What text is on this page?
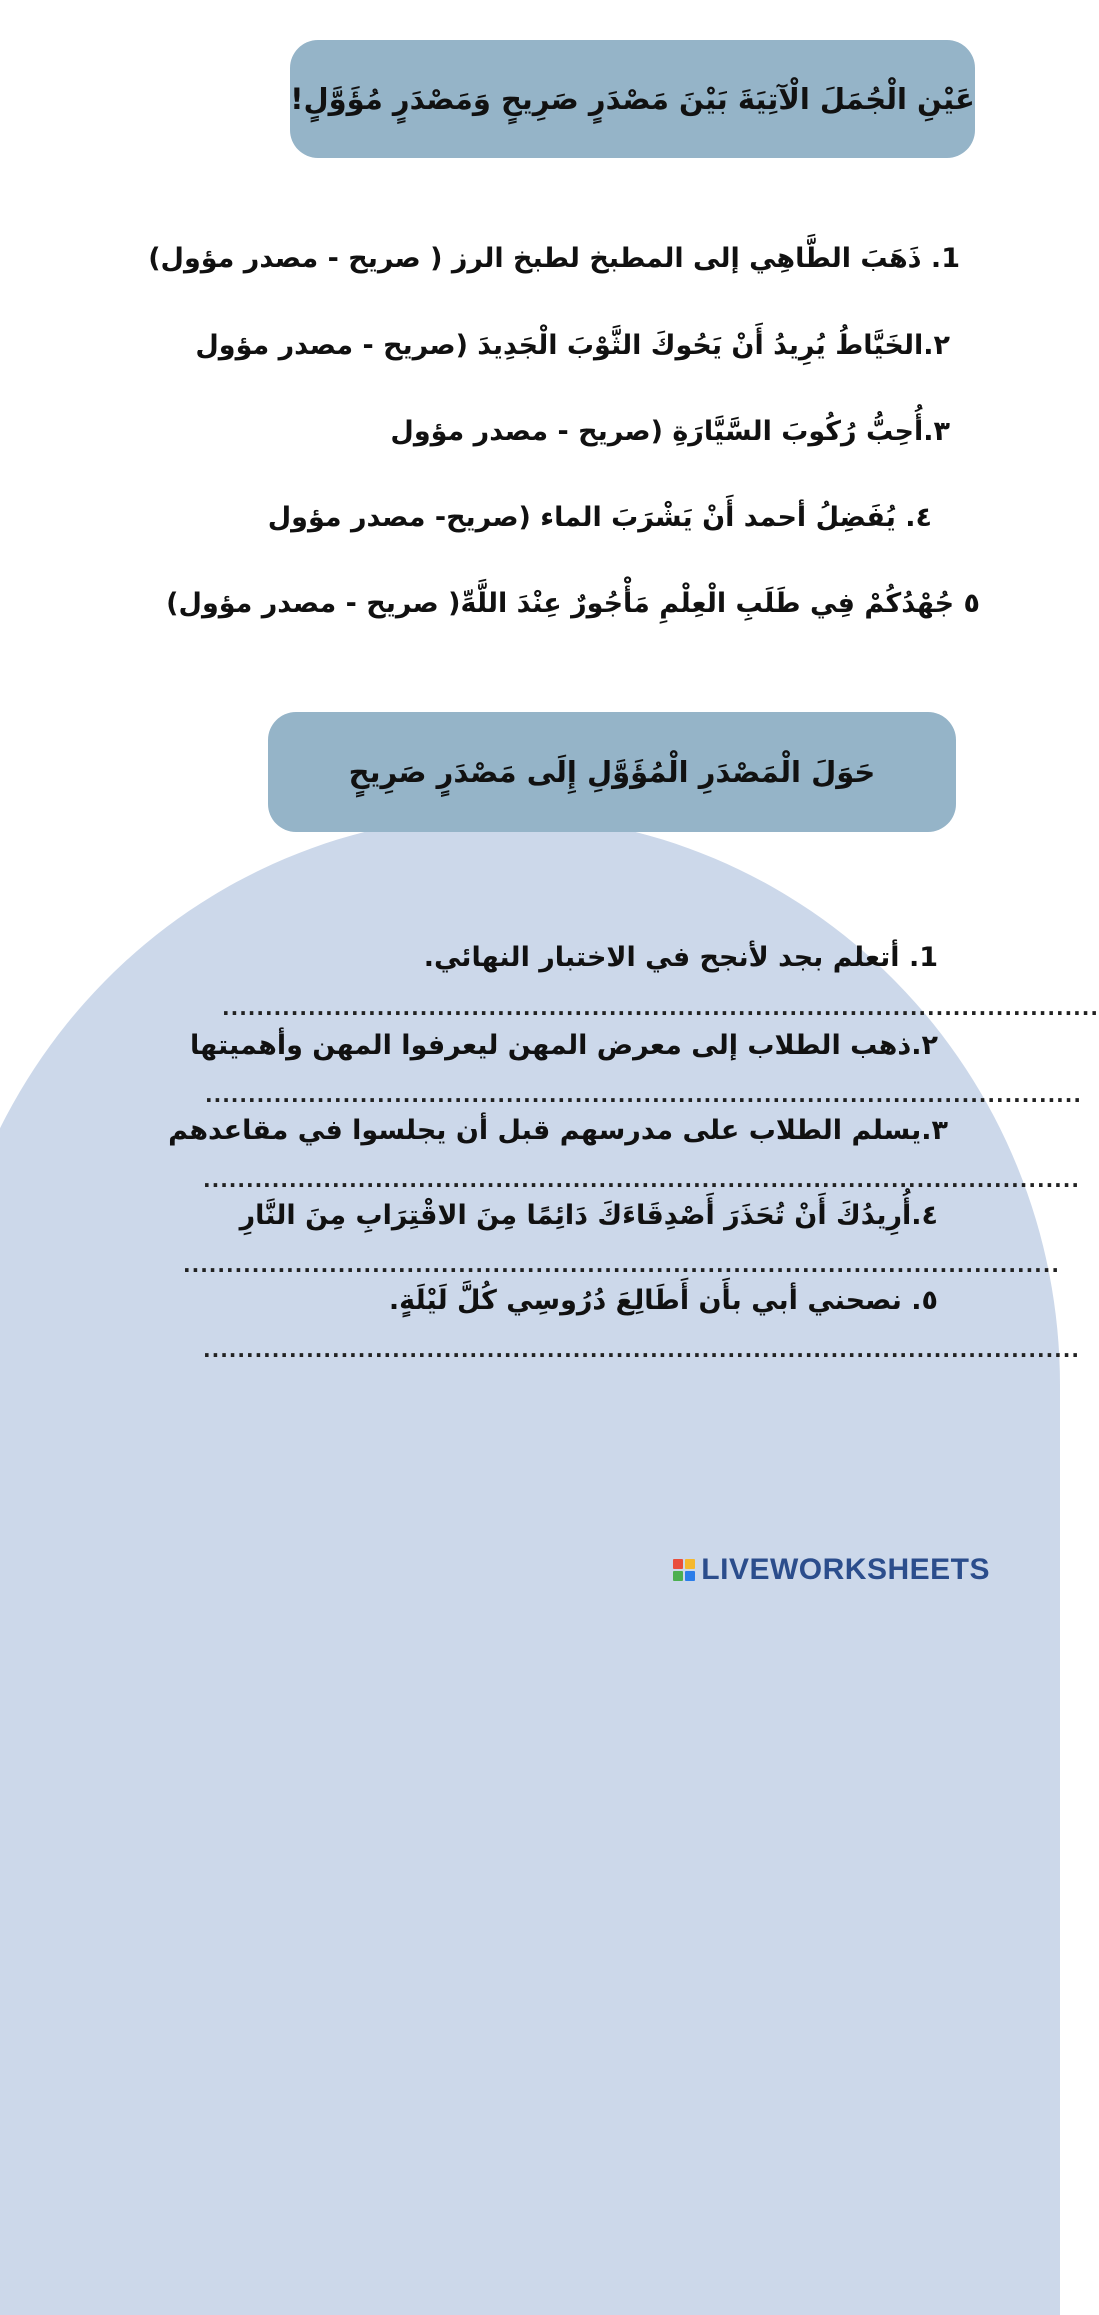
عَيْنِ الْجُمَلَ الْآتِيَةَ بَيْنَ مَصْدَرٍ صَرِيحٍ وَمَصْدَرٍ مُؤَوَّلٍ!
1. ذَهَبَ الطَّاهِي إلى المطبخ لطبخ الرز ( صريح - مصدر مؤول)
٢.الخَيَّاطُ يُرِيدُ أَنْ يَحُوكَ الثَّوْبَ الْجَدِيدَ (صريح - مصدر مؤول
٣.أُحِبُّ رُكُوبَ السَّيَّارَةِ (صريح - مصدر مؤول
٤. يُفَضِلُ أحمد أَنْ يَشْرَبَ الماء (صريح- مصدر مؤول
٥ جُهْدُكُمْ فِي طَلَبِ الْعِلْمِ مَأْجُورٌ عِنْدَ اللَّهِّ( صريح - مصدر مؤول)
حَوَلَ الْمَصْدَرِ الْمُؤَوَّلِ إِلَى مَصْدَرٍ صَرِيحٍ
1. أتعلم بجد لأنجح في الاختبار النهائي.
......................................................................................................
٢.ذهب الطلاب إلى معرض المهن ليعرفوا المهن وأهميتها
......................................................................................................
٣.يسلم الطلاب على مدرسهم قبل أن يجلسوا في مقاعدهم
......................................................................................................
٤.أُرِيدُكَ أَنْ تُحَذَرَ أَصْدِقَاءَكَ دَائِمًا مِنَ الاقْتِرَابِ مِنَ النَّارِ
......................................................................................................
٥. نصحني أبي بأَن أَطَالِعَ دُرُوسِي كُلَّ لَيْلَةٍ.
......................................................................................................
LIVEWORKSHEETS
